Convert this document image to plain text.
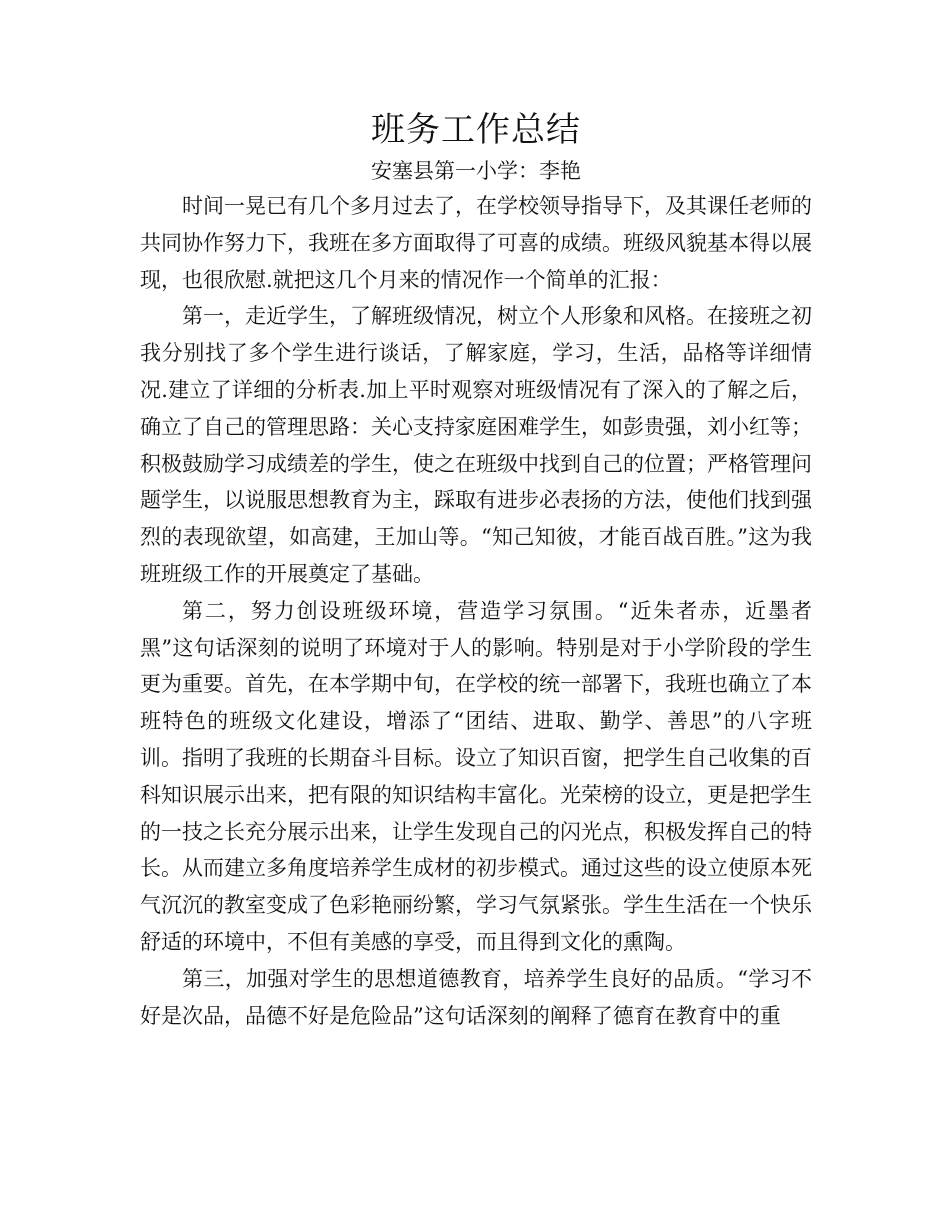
班务工作总结
安塞县第一小学：李艳

时间一晃已有几个多月过去了，在学校领导指导下，及其课任老师的共同协作努力下，我班在多方面取得了可喜的成绩。班级风貌基本得以展现，也很欣慰.就把这几个月来的情况作一个简单的汇报：

第一，走近学生，了解班级情况，树立个人形象和风格。在接班之初我分别找了多个学生进行谈话，了解家庭，学习，生活，品格等详细情况.建立了详细的分析表.加上平时观察对班级情况有了深入的了解之后，确立了自己的管理思路：关心支持家庭困难学生，如彭贵强，刘小红等；积极鼓励学习成绩差的学生，使之在班级中找到自己的位置；严格管理问题学生，以说服思想教育为主，踩取有进步必表扬的方法，使他们找到强烈的表现欲望，如高建，王加山等。“知己知彼，才能百战百胜。”这为我班班级工作的开展奠定了基础。

第二，努力创设班级环境，营造学习氛围。“近朱者赤，近墨者黑”这句话深刻的说明了环境对于人的影响。特别是对于小学阶段的学生更为重要。首先，在本学期中旬，在学校的统一部署下，我班也确立了本班特色的班级文化建设，增添了“团结、进取、勤学、善思”的八字班训。指明了我班的长期奋斗目标。设立了知识百窗，把学生自己收集的百科知识展示出来，把有限的知识结构丰富化。光荣榜的设立，更是把学生的一技之长充分展示出来，让学生发现自己的闪光点，积极发挥自己的特长。从而建立多角度培养学生成材的初步模式。通过这些的设立使原本死气沉沉的教室变成了色彩艳丽纷繁，学习气氛紧张。学生生活在一个快乐舒适的环境中，不但有美感的享受，而且得到文化的熏陶。

第三，加强对学生的思想道德教育，培养学生良好的品质。“学习不好是次品，品德不好是危险品”这句话深刻的阐释了德育在教育中的重
